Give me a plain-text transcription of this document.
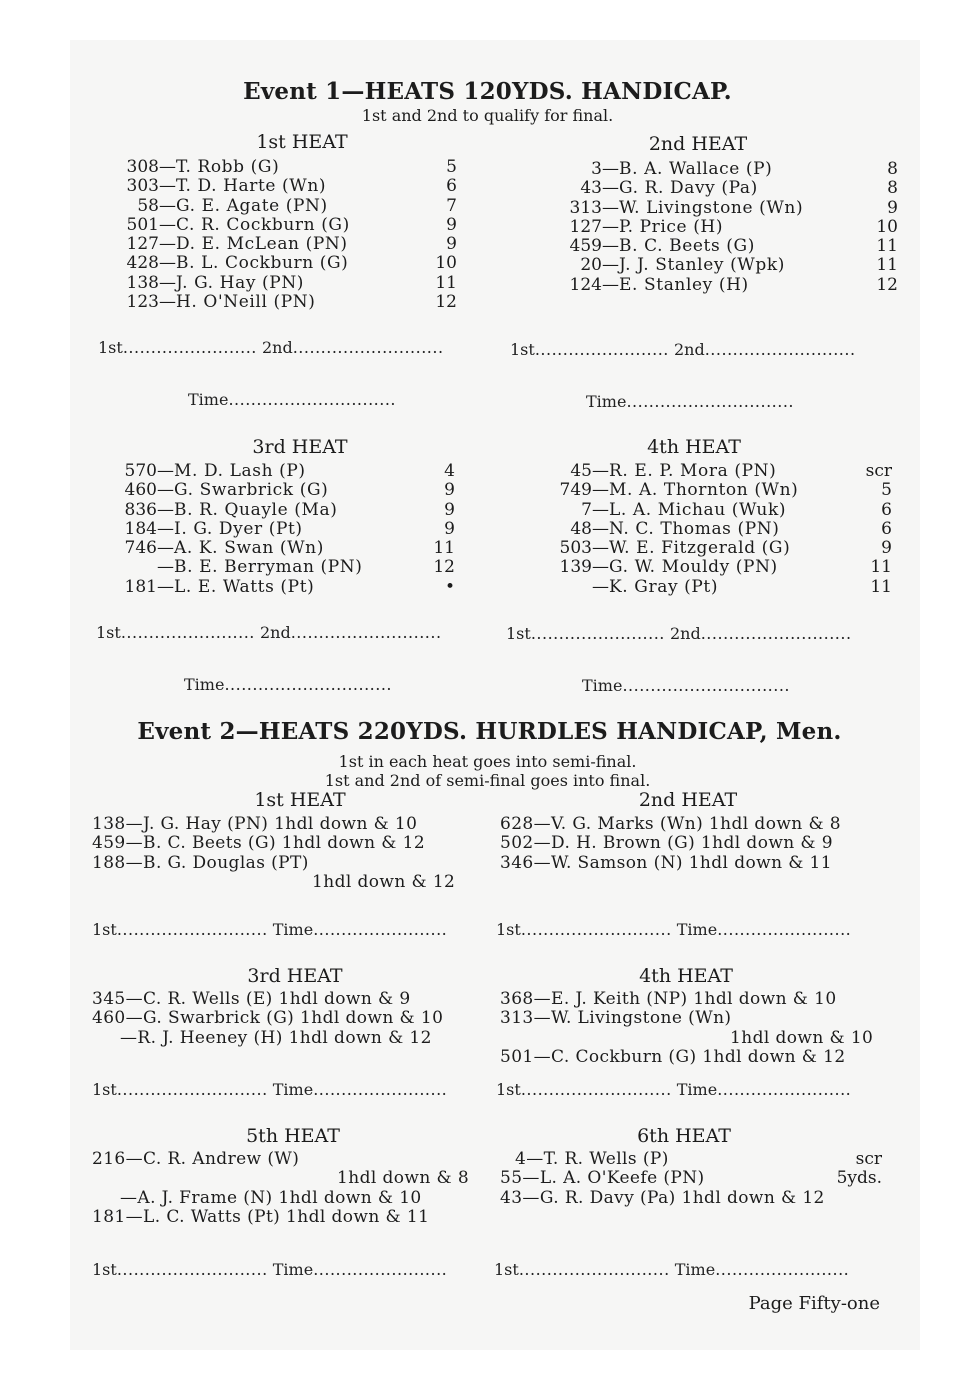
Event 1—HEATS 120YDS. HANDICAP.
1st and 2nd to qualify for final.
1st HEAT
308 — T. Robb (G)	5
303 — T. D. Harte (Wn)	6
58 — G. E. Agate (PN)	7
501 — C. R. Cockburn (G)	9
127 — D. E. McLean (PN)	9
428 — B. L. Cockburn (G)	10
138 — J. G. Hay (PN)	11
123 — H. O'Neill (PN)	12
2nd HEAT
3 — B. A. Wallace (P)	8
43 — G. R. Davy (Pa)	8
313 — W. Livingstone (Wn)	9
127 — P. Price (H)	10
459 — B. C. Beets (G)	11
20 — J. J. Stanley (Wpk)	11
124 — E. Stanley (H)	12
1st........................ 2nd...........................	1st........................ 2nd...........................
Time..............................	Time..............................
3rd HEAT
570 — M. D. Lash (P)	4
460 — G. Swarbrick (G)	9
836 — B. R. Quayle (Ma)	9
184 — I. G. Dyer (Pt)	9
746 — A. K. Swan (Wn)	11
— B. E. Berryman (PN)	12
181 — L. E. Watts (Pt)	•
4th HEAT
45 — R. E. P. Mora (PN)	scr
749 — M. A. Thornton (Wn)	5
7 — L. A. Michau (Wuk)	6
48 — N. C. Thomas (PN)	6
503 — W. E. Fitzgerald (G)	9
139 — G. W. Mouldy (PN)	11
— K. Gray (Pt)	11
1st........................ 2nd...........................	1st........................ 2nd...........................
Time..............................	Time..............................
Event 2—HEATS 220YDS. HURDLES HANDICAP, Men.
1st in each heat goes into semi-final.
1st and 2nd of semi-final goes into final.
1st HEAT
138—J. G. Hay (PN) 1hdl down & 10
459—B. C. Beets (G) 1hdl down & 12
188—B. G. Douglas (PT)
1hdl down & 12
2nd HEAT
628—V. G. Marks (Wn) 1hdl down & 8
502—D. H. Brown (G) 1hdl down & 9
346—W. Samson (N) 1hdl down & 11
1st........................... Time........................	1st........................... Time........................
3rd HEAT
345—C. R. Wells (E) 1hdl down & 9
460—G. Swarbrick (G) 1hdl down & 10
—R. J. Heeney (H) 1hdl down & 12
4th HEAT
368—E. J. Keith (NP) 1hdl down & 10
313—W. Livingstone (Wn)
1hdl down & 10
501—C. Cockburn (G) 1hdl down & 12
1st........................... Time........................	1st........................... Time........................
5th HEAT
216—C. R. Andrew (W)
1hdl down & 8
—A. J. Frame (N) 1hdl down & 10
181—L. C. Watts (Pt) 1hdl down & 11
6th HEAT
4—T. R. Wells (P)	scr
55—L. A. O'Keefe (PN)	5yds.
43—G. R. Davy (Pa) 1hdl down & 12
1st........................... Time........................	1st........................... Time........................
Page Fifty-one
